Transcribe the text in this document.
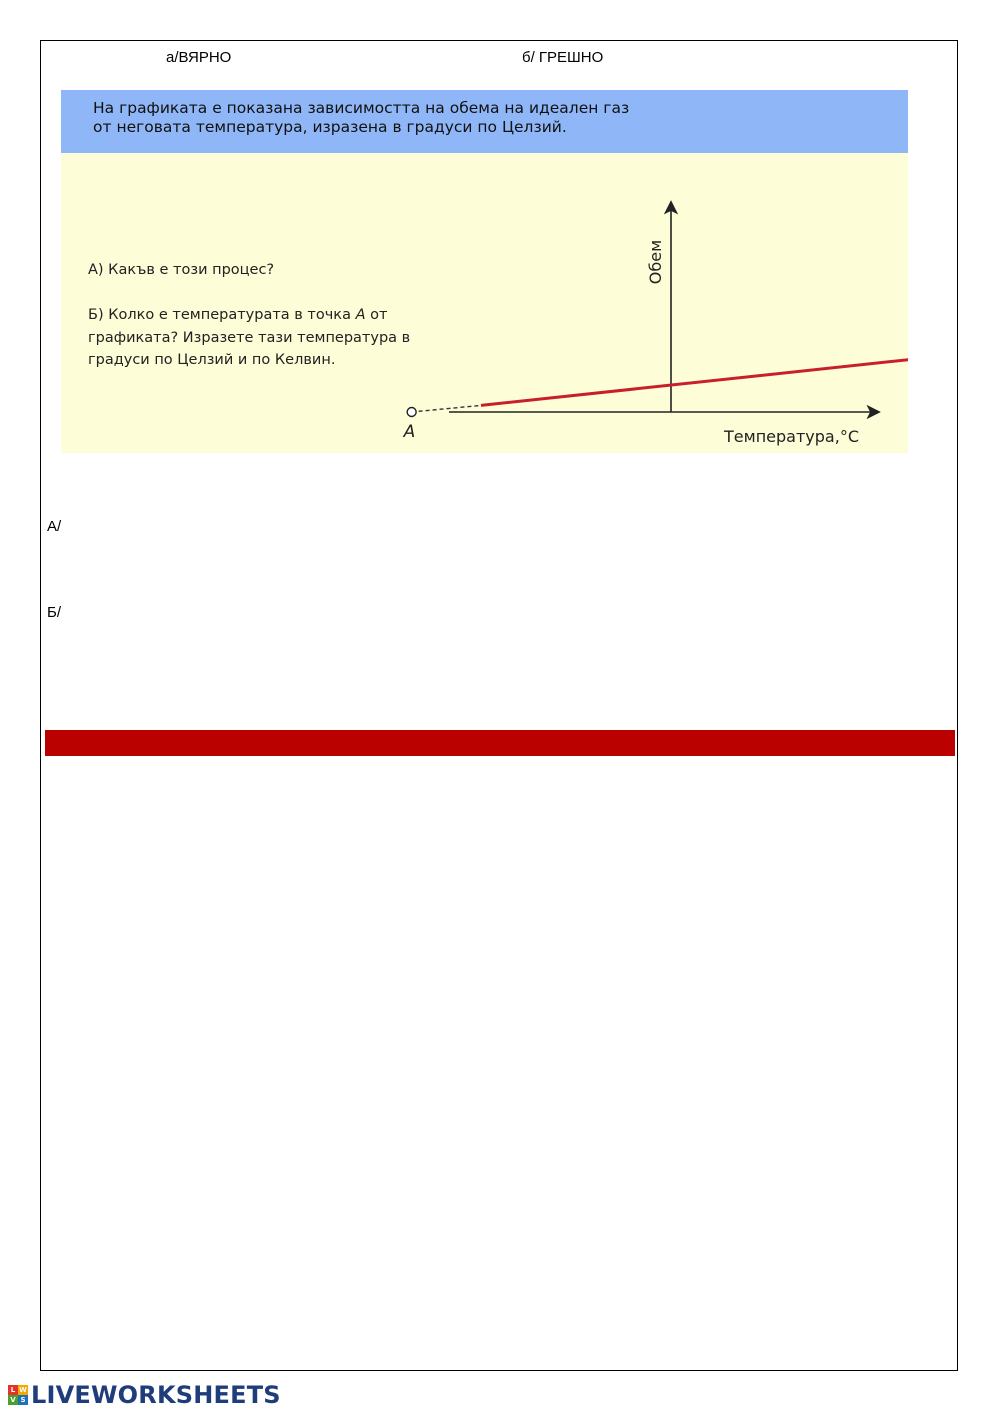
а/ВЯРНО	б/ ГРЕШНО
На графиката е показана зависимостта на обема на идеален газ
от неговата температура, изразена в градуси по Целзий.
А) Какъв е този процес?
Б) Колко е температурата в точка А от
графиката? Изразете тази температура в
градуси по Целзий и по Келвин.
А	Температура,°C
Обем
А/
Б/
L W
V S LIVEWORKSHEETS
